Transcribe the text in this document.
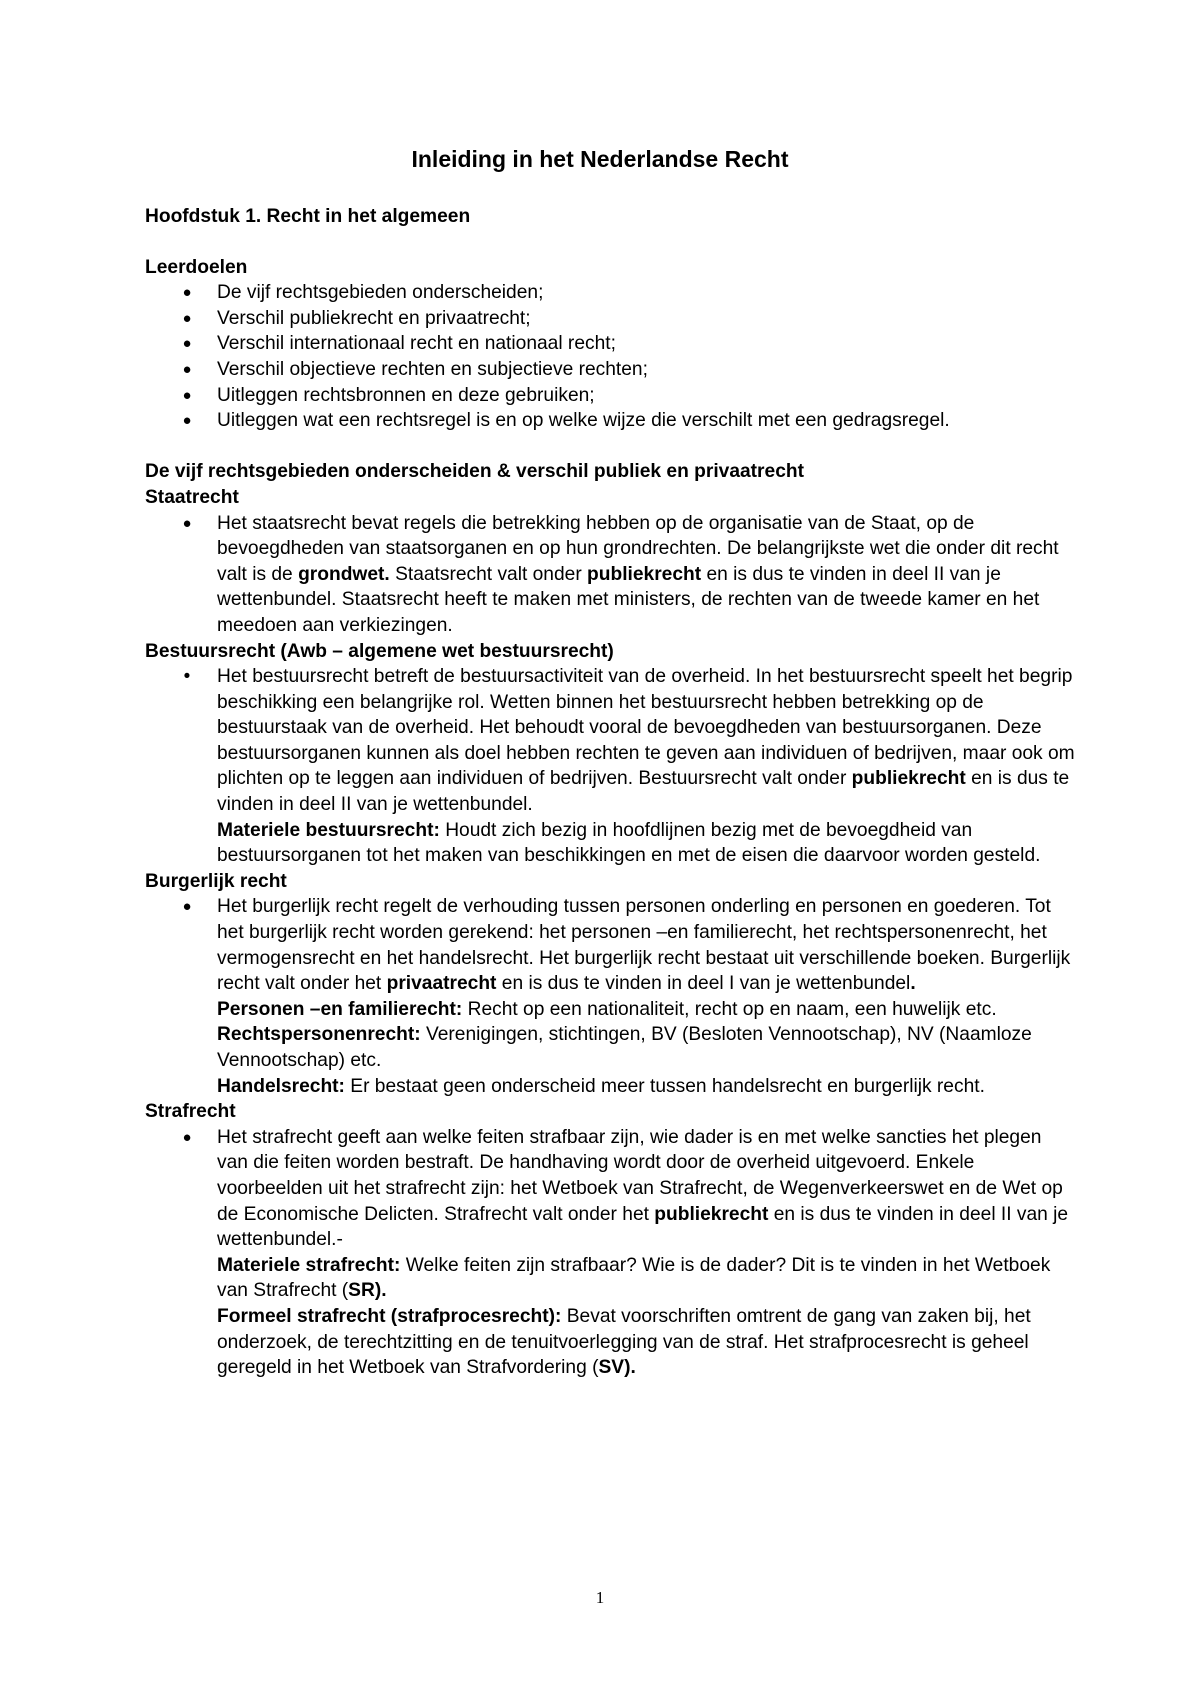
Inleiding in het Nederlandse Recht

Hoofdstuk 1. Recht in het algemeen

Leerdoelen

● De vijf rechtsgebieden onderscheiden;
● Verschil publiekrecht en privaatrecht;
● Verschil internationaal recht en nationaal recht;
● Verschil objectieve rechten en subjectieve rechten;
● Uitleggen rechtsbronnen en deze gebruiken;
● Uitleggen wat een rechtsregel is en op welke wijze die verschilt met een gedragsregel.

De vijf rechtsgebieden onderscheiden & verschil publiek en privaatrecht

Staatrecht

● Het staatsrecht bevat regels die betrekking hebben op de organisatie van de Staat, op de bevoegdheden van staatsorganen en op hun grondrechten. De belangrijkste wet die onder dit recht valt is de grondwet. Staatsrecht valt onder publiekrecht en is dus te vinden in deel II van je wettenbundel. Staatsrecht heeft te maken met ministers, de rechten van de tweede kamer en het meedoen aan verkiezingen.

Bestuursrecht (Awb – algemene wet bestuursrecht)

• Het bestuursrecht betreft de bestuursactiviteit van de overheid. In het bestuursrecht speelt het begrip beschikking een belangrijke rol. Wetten binnen het bestuursrecht hebben betrekking op de bestuurstaak van de overheid. Het behoudt vooral de bevoegdheden van bestuursorganen. Deze bestuursorganen kunnen als doel hebben rechten te geven aan individuen of bedrijven, maar ook om plichten op te leggen aan individuen of bedrijven. Bestuursrecht valt onder publiekrecht en is dus te vinden in deel II van je wettenbundel.

Materiele bestuursrecht: Houdt zich bezig in hoofdlijnen bezig met de bevoegdheid van bestuursorganen tot het maken van beschikkingen en met de eisen die daarvoor worden gesteld.

Burgerlijk recht

● Het burgerlijk recht regelt de verhouding tussen personen onderling en personen en goederen. Tot het burgerlijk recht worden gerekend: het personen –en familierecht, het rechtspersonenrecht, het vermogensrecht en het handelsrecht. Het burgerlijk recht bestaat uit verschillende boeken. Burgerlijk recht valt onder het privaatrecht en is dus te vinden in deel I van je wettenbundel.

Personen –en familierecht: Recht op een nationaliteit, recht op en naam, een huwelijk etc.

Rechtspersonenrecht: Verenigingen, stichtingen, BV (Besloten Vennootschap), NV (Naamloze Vennootschap) etc.

Handelsrecht: Er bestaat geen onderscheid meer tussen handelsrecht en burgerlijk recht.

Strafrecht

● Het strafrecht geeft aan welke feiten strafbaar zijn, wie dader is en met welke sancties het plegen van die feiten worden bestraft. De handhaving wordt door de overheid uitgevoerd. Enkele voorbeelden uit het strafrecht zijn: het Wetboek van Strafrecht, de Wegenverkeerswet en de Wet op de Economische Delicten. Strafrecht valt onder het publiekrecht en is dus te vinden in deel II van je wettenbundel.-

Materiele strafrecht: Welke feiten zijn strafbaar? Wie is de dader? Dit is te vinden in het Wetboek van Strafrecht (SR).

Formeel strafrecht (strafprocesrecht): Bevat voorschriften omtrent de gang van zaken bij, het onderzoek, de terechtzitting en de tenuitvoerlegging van de straf. Het strafprocesrecht is geheel geregeld in het Wetboek van Strafvordering (SV).

1
